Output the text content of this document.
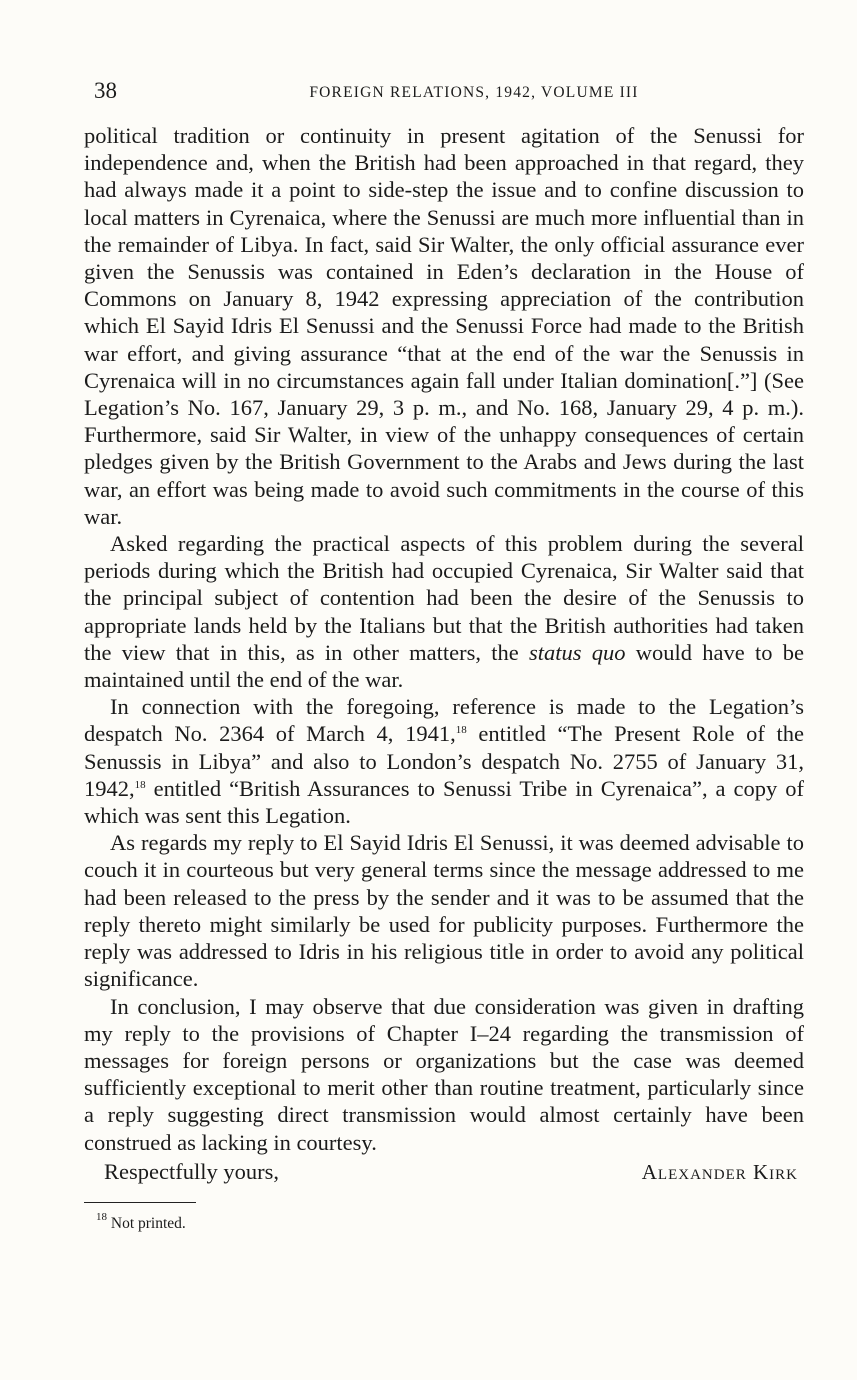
38	FOREIGN RELATIONS, 1942, VOLUME III

political tradition or continuity in present agitation of the Senussi for independence and, when the British had been approached in that regard, they had always made it a point to side-step the issue and to confine discussion to local matters in Cyrenaica, where the Senussi are much more influential than in the remainder of Libya. In fact, said Sir Walter, the only official assurance ever given the Senussis was contained in Eden’s declaration in the House of Commons on January 8, 1942 expressing appreciation of the contribution which El Sayid Idris El Senussi and the Senussi Force had made to the British war effort, and giving assurance “that at the end of the war the Senussis in Cyrenaica will in no circumstances again fall under Italian domination[.”] (See Legation’s No. 167, January 29, 3 p. m., and No. 168, January 29, 4 p. m.). Furthermore, said Sir Walter, in view of the unhappy consequences of certain pledges given by the British Government to the Arabs and Jews during the last war, an effort was being made to avoid such commitments in the course of this war.

Asked regarding the practical aspects of this problem during the several periods during which the British had occupied Cyrenaica, Sir Walter said that the principal subject of contention had been the desire of the Senussis to appropriate lands held by the Italians but that the British authorities had taken the view that in this, as in other matters, the status quo would have to be maintained until the end of the war.

In connection with the foregoing, reference is made to the Legation’s despatch No. 2364 of March 4, 1941,18 entitled “The Present Role of the Senussis in Libya” and also to London’s despatch No. 2755 of January 31, 1942,18 entitled “British Assurances to Senussi Tribe in Cyrenaica”, a copy of which was sent this Legation.

As regards my reply to El Sayid Idris El Senussi, it was deemed advisable to couch it in courteous but very general terms since the message addressed to me had been released to the press by the sender and it was to be assumed that the reply thereto might similarly be used for publicity purposes. Furthermore the reply was addressed to Idris in his religious title in order to avoid any political significance.

In conclusion, I may observe that due consideration was given in drafting my reply to the provisions of Chapter I–24 regarding the transmission of messages for foreign persons or organizations but the case was deemed sufficiently exceptional to merit other than routine treatment, particularly since a reply suggesting direct transmission would almost certainly have been construed as lacking in courtesy.

Respectfully yours,	Alexander Kirk
$^{18}$ Not printed.
